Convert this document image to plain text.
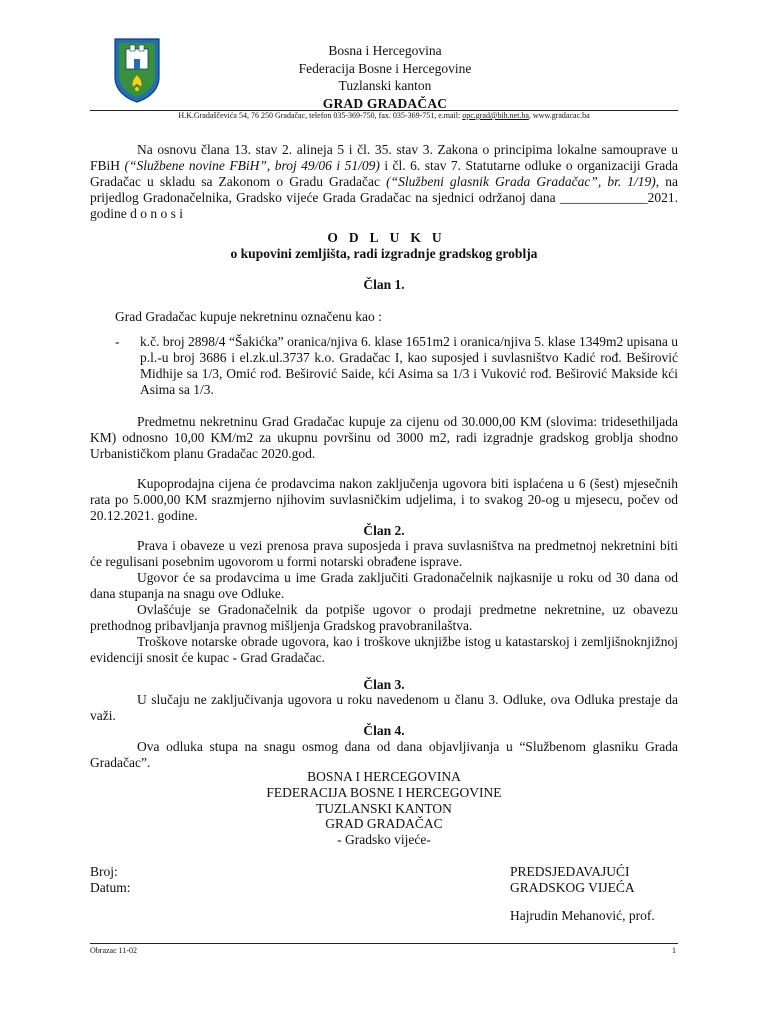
Bosna i Hercegovina
Federacija Bosne i Hercegovine
Tuzlanski kanton
GRAD GRADAČAC
H.K.Gradaščevića 54, 76 250 Gradačac, telefon 035-369-750, fax. 035-369-751, e.mail: opc.grad@bih.net.ba, www.gradacac.ba
Na osnovu člana 13. stav 2. alineja 5 i čl. 35. stav 3. Zakona o principima lokalne samouprave u FBiH (“Službene novine FBiH”, broj 49/06 i 51/09) i čl. 6. stav 7. Statutarne odluke o organizaciji Grada Gradačac u skladu sa Zakonom o Gradu Gradačac (“Službeni glasnik Grada Gradačac”, br. 1/19), na prijedlog Gradonačelnika, Gradsko vijeće Grada Gradačac na sjednici održanoj dana _____________2021. godine d o n o s i
ODLUKU
o kupovini zemljišta, radi izgradnje gradskog groblja
Član 1.
Grad Gradačac kupuje nekretninu označenu kao :
- k.č. broj 2898/4 “Šakićka” oranica/njiva 6. klase 1651m2 i oranica/njiva 5. klase 1349m2 upisana u p.l.-u broj 3686 i el.zk.ul.3737 k.o. Gradačac I, kao suposjed i suvlasništvo Kadić rođ. Beširović Midhije sa 1/3, Omić rođ. Beširović Saide, kći Asima sa 1/3 i Vuković rođ. Beširović Makside kći Asima sa 1/3.
Predmetnu nekretninu Grad Gradačac kupuje za cijenu od 30.000,00 KM (slovima: tridesethiljada KM) odnosno 10,00 KM/m2 za ukupnu površinu od 3000 m2, radi izgradnje gradskog groblja shodno Urbanističkom planu Gradačac 2020.god.
Kupoprodajna cijena će prodavcima nakon zaključenja ugovora biti isplaćena u 6 (šest) mjesečnih rata po 5.000,00 KM srazmjerno njihovim suvlasničkim udjelima, i to svakog 20-og u mjesecu, počev od 20.12.2021. godine.
Član 2.
Prava i obaveze u vezi prenosa prava suposjeda i prava suvlasništva na predmetnoj nekretnini biti će regulisani posebnim ugovorom u formi notarski obrađene isprave.
Ugovor će sa prodavcima u ime Grada zaključiti Gradonačelnik najkasnije u roku od 30 dana od dana stupanja na snagu ove Odluke.
Ovlašćuje se Gradonačelnik da potpiše ugovor o prodaji predmetne nekretnine, uz obavezu prethodnog pribavljanja pravnog mišljenja Gradskog pravobranilaštva.
Troškove notarske obrade ugovora, kao i troškove uknjižbe istog u katastarskoj i zemljišnoknjižnoj evidenciji snosit će kupac - Grad Gradačac.
Član 3.
U slučaju ne zaključivanja ugovora u roku navedenom u članu 3. Odluke, ova Odluka prestaje da važi.
Član 4.
Ova odluka stupa na snagu osmog dana od dana objavljivanja u “Službenom glasniku Grada Gradačac”.
BOSNA I HERCEGOVINA
FEDERACIJA BOSNE I HERCEGOVINE
TUZLANSKI KANTON
GRAD GRADAČAC
- Gradsko vijeće-
Broj:
Datum:
PREDSJEDAVAJUĆI
GRADSKOG VIJEĆA
Hajrudin Mehanović, prof.
Obrazac 11-02	1
